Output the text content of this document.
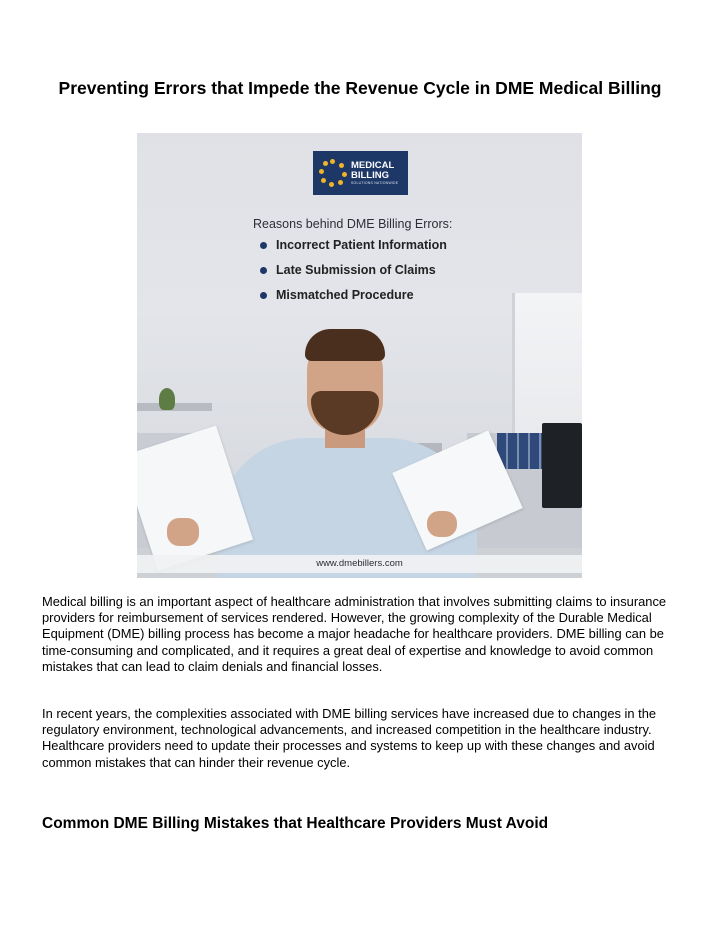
Preventing Errors that Impede the Revenue Cycle in DME Medical Billing
MEDICAL
BILLING
SOLUTIONS NATIONWIDE
Reasons behind DME Billing Errors:
Incorrect Patient Information
Late Submission of Claims
Mismatched Procedure
www.dmebillers.com

Medical billing is an important aspect of healthcare administration that involves submitting claims to insurance providers for reimbursement of services rendered. However, the growing complexity of the Durable Medical Equipment (DME) billing process has become a major headache for healthcare providers. DME billing can be time-consuming and complicated, and it requires a great deal of expertise and knowledge to avoid common mistakes that can lead to claim denials and financial losses.

In recent years, the complexities associated with DME billing services have increased due to changes in the regulatory environment, technological advancements, and increased competition in the healthcare industry. Healthcare providers need to update their processes and systems to keep up with these changes and avoid common mistakes that can hinder their revenue cycle.

Common DME Billing Mistakes that Healthcare Providers Must Avoid
